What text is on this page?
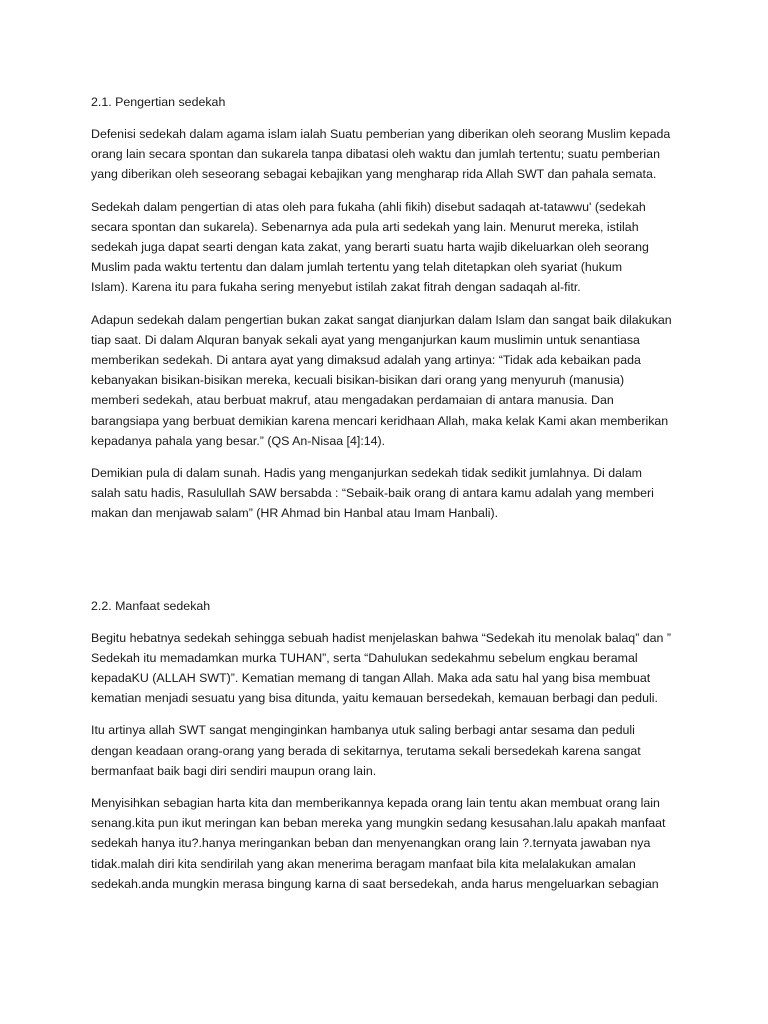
2.1. Pengertian sedekah
Defenisi sedekah dalam agama islam ialah Suatu pemberian yang diberikan oleh seorang Muslim kepada
orang lain secara spontan dan sukarela tanpa dibatasi oleh waktu dan jumlah tertentu; suatu pemberian
yang diberikan oleh seseorang sebagai kebajikan yang mengharap rida Allah SWT dan pahala semata.
Sedekah dalam pengertian di atas oleh para fukaha (ahli fikih) disebut sadaqah at-tatawwu' (sedekah
secara spontan dan sukarela). Sebenarnya ada pula arti sedekah yang lain. Menurut mereka, istilah
sedekah juga dapat searti dengan kata zakat, yang berarti suatu harta wajib dikeluarkan oleh seorang
Muslim pada waktu tertentu dan dalam jumlah tertentu yang telah ditetapkan oleh syariat (hukum
Islam). Karena itu para fukaha sering menyebut istilah zakat fitrah dengan sadaqah al-fitr.
Adapun sedekah dalam pengertian bukan zakat sangat dianjurkan dalam Islam dan sangat baik dilakukan
tiap saat. Di dalam Alquran banyak sekali ayat yang menganjurkan kaum muslimin untuk senantiasa
memberikan sedekah. Di antara ayat yang dimaksud adalah yang artinya: “Tidak ada kebaikan pada
kebanyakan bisikan-bisikan mereka, kecuali bisikan-bisikan dari orang yang menyuruh (manusia)
memberi sedekah, atau berbuat makruf, atau mengadakan perdamaian di antara manusia. Dan
barangsiapa yang berbuat demikian karena mencari keridhaan Allah, maka kelak Kami akan memberikan
kepadanya pahala yang besar.” (QS An-Nisaa [4]:14).
Demikian pula di dalam sunah. Hadis yang menganjurkan sedekah tidak sedikit jumlahnya. Di dalam
salah satu hadis, Rasulullah SAW bersabda : “Sebaik-baik orang di antara kamu adalah yang memberi
makan dan menjawab salam” (HR Ahmad bin Hanbal atau Imam Hanbali).
2.2. Manfaat sedekah
Begitu hebatnya sedekah sehingga sebuah hadist menjelaskan bahwa “Sedekah itu menolak balaq” dan ”
Sedekah itu memadamkan murka TUHAN”, serta “Dahulukan sedekahmu sebelum engkau beramal
kepadaKU (ALLAH SWT)”. Kematian memang di tangan Allah. Maka ada satu hal yang bisa membuat
kematian menjadi sesuatu yang bisa ditunda, yaitu kemauan bersedekah, kemauan berbagi dan peduli.
Itu artinya allah SWT sangat menginginkan hambanya utuk saling berbagi antar sesama dan peduli
dengan keadaan orang-orang yang berada di sekitarnya, terutama sekali bersedekah karena sangat
bermanfaat baik bagi diri sendiri maupun orang lain.
Menyisihkan sebagian harta kita dan memberikannya kepada orang lain tentu akan membuat orang lain
senang.kita pun ikut meringan kan beban mereka yang mungkin sedang kesusahan.lalu apakah manfaat
sedekah hanya itu?.hanya meringankan beban dan menyenangkan orang lain ?.ternyata jawaban nya
tidak.malah diri kita sendirilah yang akan menerima beragam manfaat bila kita melalakukan amalan
sedekah.anda mungkin merasa bingung karna di saat bersedekah, anda harus mengeluarkan sebagian
